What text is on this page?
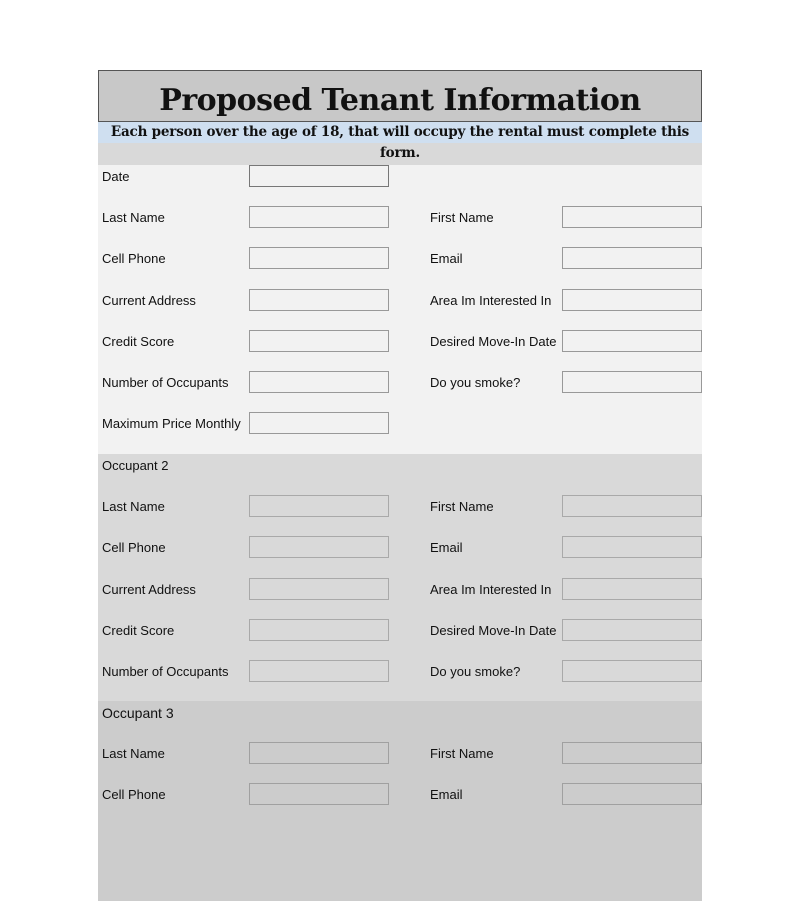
Proposed Tenant Information
Each person over the age of 18, that will occupy the rental must complete this form.
Date
Last Name	First Name
Cell Phone	Email
Current Address	Area Im Interested In
Credit Score	Desired Move-In Date
Number of Occupants	Do you smoke?
Maximum Price Monthly
Occupant 2
Last Name	First Name
Cell Phone	Email
Current Address	Area Im Interested In
Credit Score	Desired Move-In Date
Number of Occupants	Do you smoke?
Occupant 3
Last Name	First Name
Cell Phone	Email
